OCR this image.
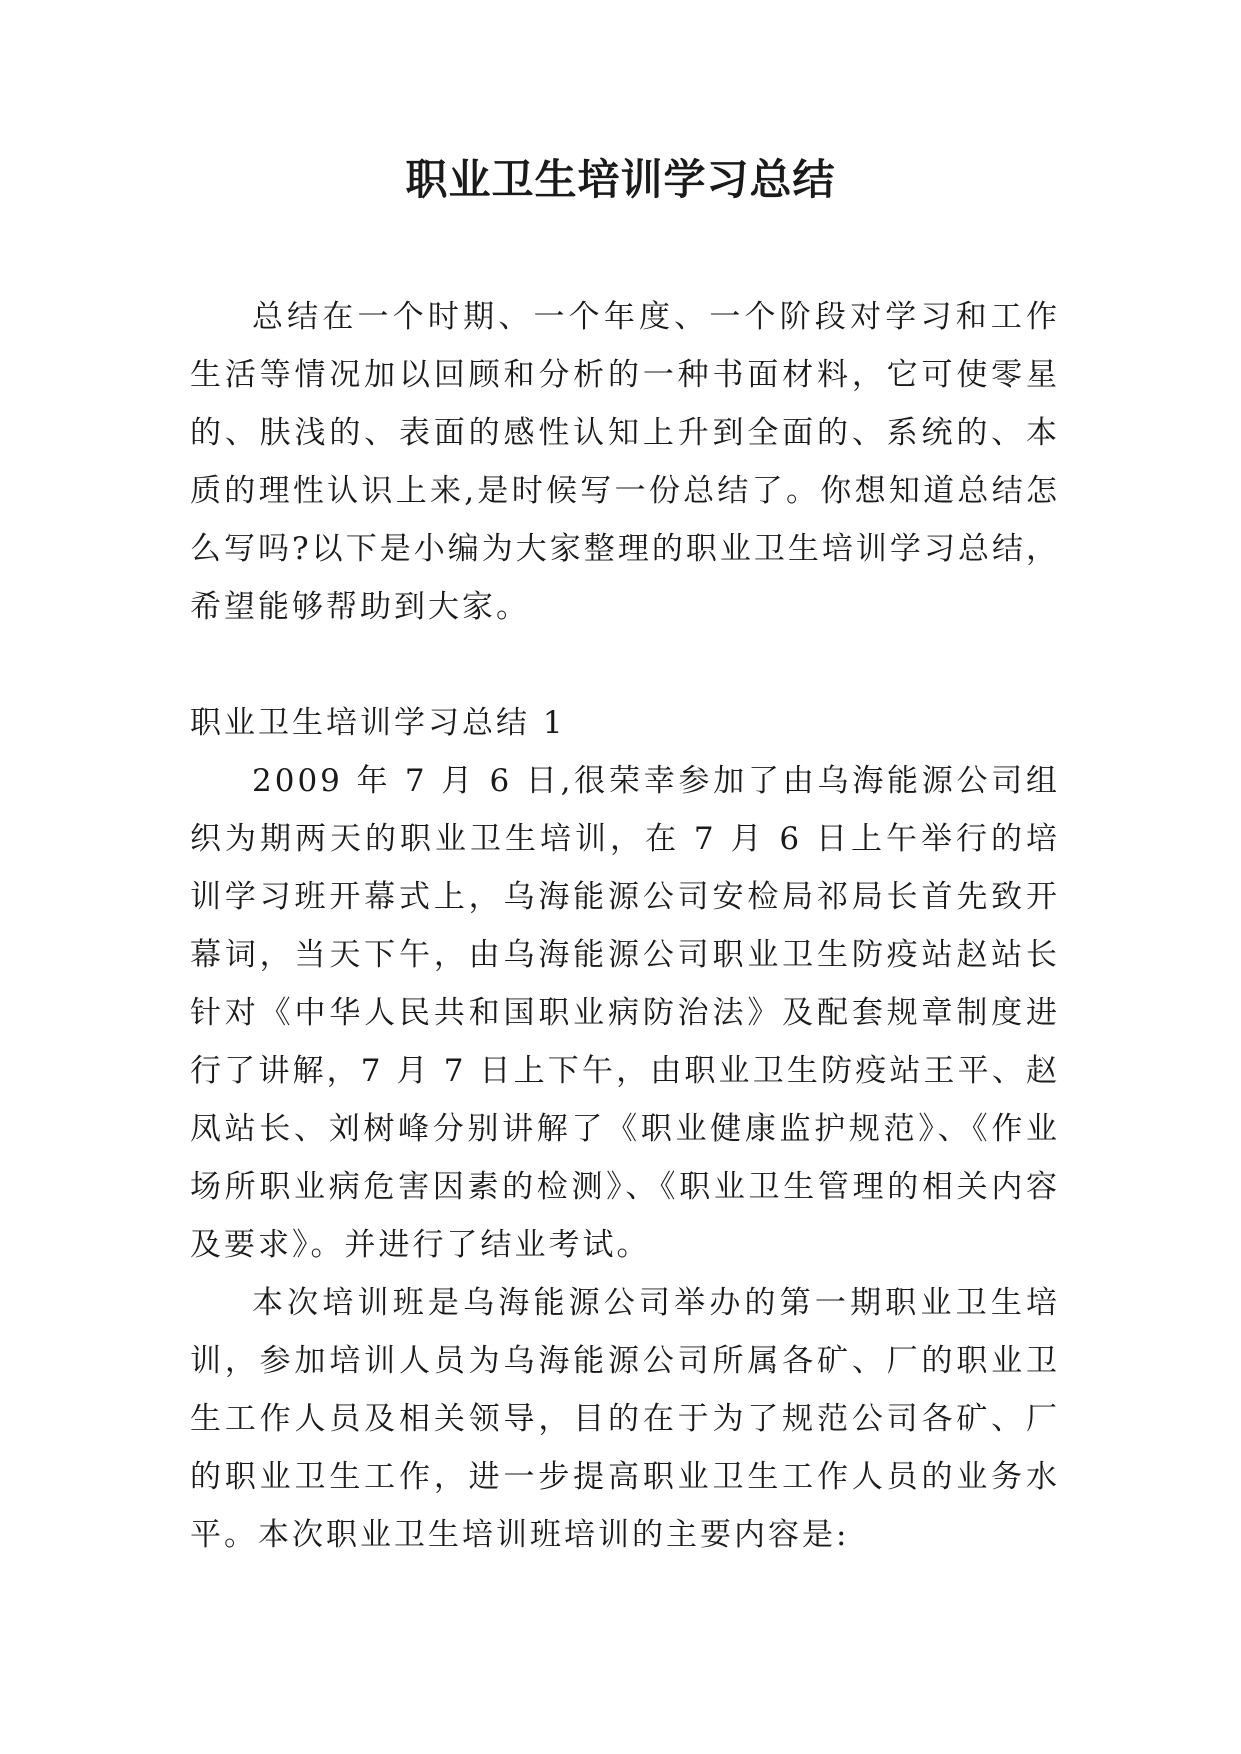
职业卫生培训学习总结

总结在一个时期、一个年度、一个阶段对学习和工作生活等情况加以回顾和分析的一种书面材料，它可使零星的、肤浅的、表面的感性认知上升到全面的、系统的、本质的理性认识上来,是时候写一份总结了。你想知道总结怎么写吗?以下是小编为大家整理的职业卫生培训学习总结，希望能够帮助到大家。

职业卫生培训学习总结 1

2009 年 7 月 6 日,很荣幸参加了由乌海能源公司组织为期两天的职业卫生培训，在 7 月 6 日上午举行的培训学习班开幕式上，乌海能源公司安检局祁局长首先致开幕词，当天下午，由乌海能源公司职业卫生防疫站赵站长针对《中华人民共和国职业病防治法》及配套规章制度进行了讲解，7 月 7 日上下午，由职业卫生防疫站王平、赵凤站长、刘树峰分别讲解了《职业健康监护规范》、《作业场所职业病危害因素的检测》、《职业卫生管理的相关内容及要求》。并进行了结业考试。

本次培训班是乌海能源公司举办的第一期职业卫生培训，参加培训人员为乌海能源公司所属各矿、厂的职业卫生工作人员及相关领导，目的在于为了规范公司各矿、厂的职业卫生工作，进一步提高职业卫生工作人员的业务水平。本次职业卫生培训班培训的主要内容是:
